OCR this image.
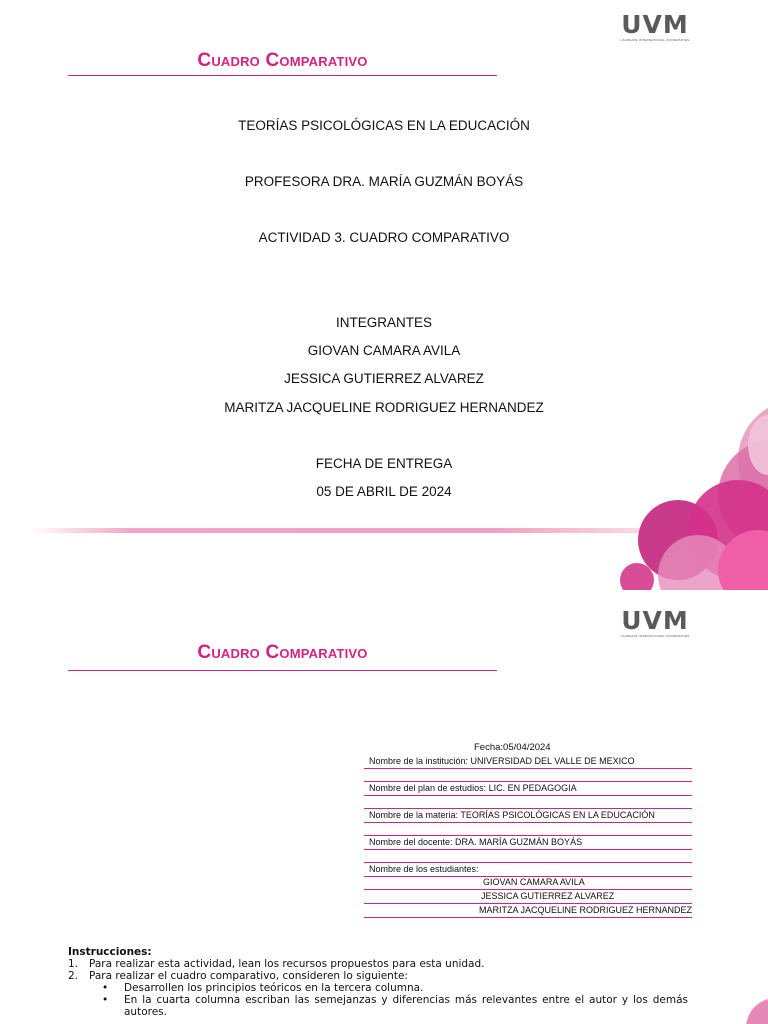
UVM
LAUREATE INTERNATIONAL UNIVERSITIES
Cuadro Comparativo
TEORÍAS PSICOLÓGICAS EN LA EDUCACIÓN
PROFESORA DRA. MARÍA GUZMÁN BOYÁS
ACTIVIDAD 3. CUADRO COMPARATIVO
INTEGRANTES
GIOVAN CAMARA AVILA
JESSICA GUTIERREZ ALVAREZ
MARITZA JACQUELINE RODRIGUEZ HERNANDEZ
FECHA DE ENTREGA
05 DE ABRIL DE 2024
UVM
LAUREATE INTERNATIONAL UNIVERSITIES
Cuadro Comparativo
Fecha:05/04/2024
Nombre de la institución: UNIVERSIDAD DEL VALLE DE MEXICO
Nombre del plan de estudios: LIC. EN PEDAGOGIA
Nombre de la materia: TEORÍAS PSICOLÓGICAS EN LA EDUCACIÓN
Nombre del docente: DRA. MARÍA GUZMÁN BOYÁS
Nombre de los estudiantes:
GIOVAN CAMARA AVILA
JESSICA GUTIERREZ ALVAREZ
MARITZA JACQUELINE RODRIGUEZ HERNANDEZ
Instrucciones:
1.	Para realizar esta actividad, lean los recursos propuestos para esta unidad.
2.	Para realizar el cuadro comparativo, consideren lo siguiente:
•	Desarrollen los principios teóricos en la tercera columna.
•	En la cuarta columna escriban las semejanzas y diferencias más relevantes entre el autor y los demás autores.
